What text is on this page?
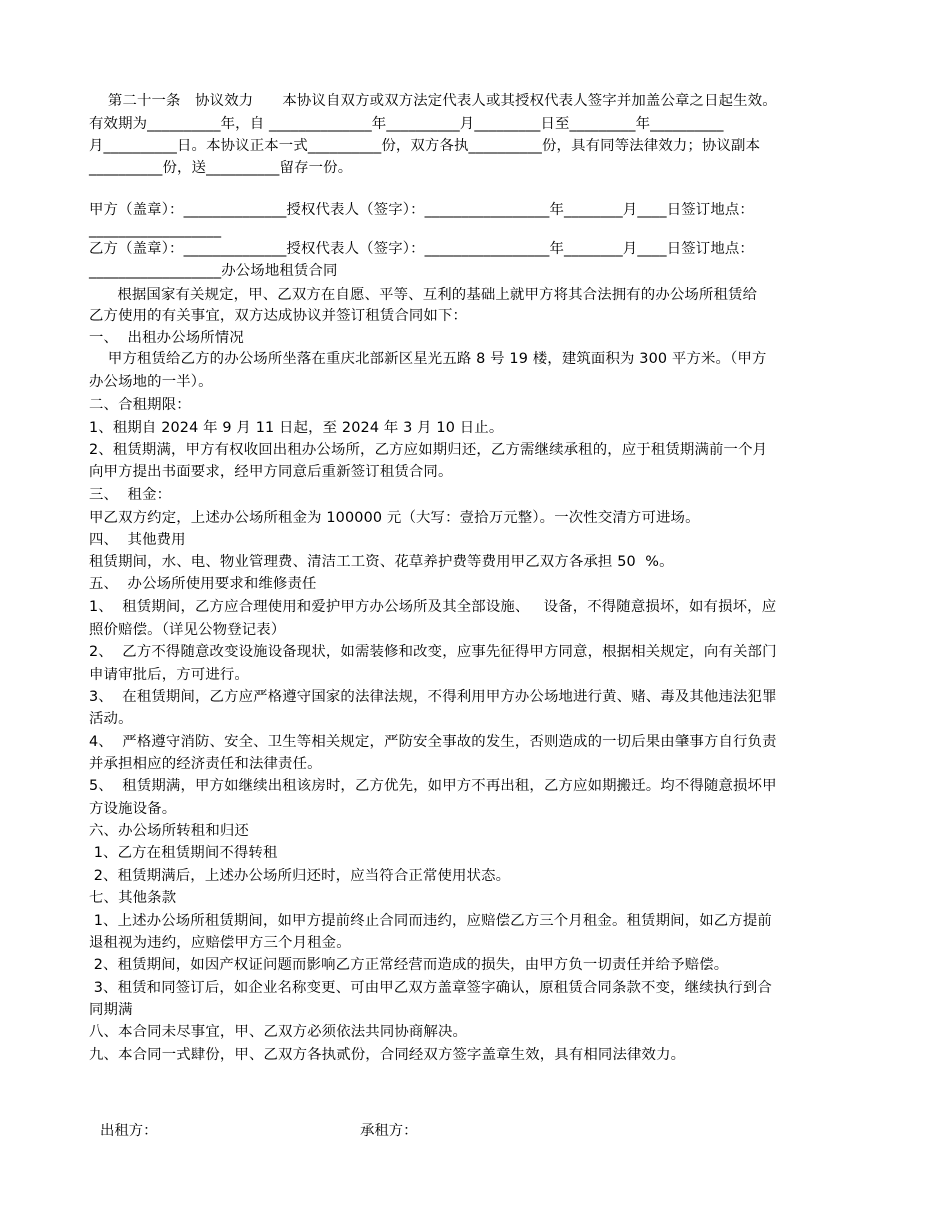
第二十一条　协议效力　　本协议自双方或双方法定代表人或其授权代表人签字并加盖公章之日起生效。
有效期为__________年，自 ______________年__________月_________日至_________年__________
月__________日。本协议正本一式__________份，双方各执__________份，具有同等法律效力；协议副本
__________份，送__________留存一份。
甲方（盖章）：______________授权代表人（签字）：_________________年________月____日签订地点：
__________________
乙方（盖章）：______________授权代表人（签字）：_________________年________月____日签订地点：
__________________办公场地租赁合同
根据国家有关规定，甲、乙双方在自愿、平等、互利的基础上就甲方将其合法拥有的办公场所租赁给
乙方使用的有关事宜，双方达成协议并签订租赁合同如下：
一、  出租办公场所情况
甲方租赁给乙方的办公场所坐落在重庆北部新区星光五路 8 号 19 楼，建筑面积为 300 平方米。（甲方
办公场地的一半）。
二、合租期限：
1、租期自 2024 年 9 月 11 日起，至 2024 年 3 月 10 日止。
2、租赁期满，甲方有权收回出租办公场所，乙方应如期归还，乙方需继续承租的，应于租赁期满前一个月
向甲方提出书面要求，经甲方同意后重新签订租赁合同。
三、  租金：
甲乙双方约定，上述办公场所租金为 100000 元（大写：壹拾万元整）。一次性交清方可进场。
四、  其他费用
租赁期间，水、电、物业管理费、清洁工工资、花草养护费等费用甲乙双方各承担 50  %。
五、  办公场所使用要求和维修责任
1、  租赁期间，乙方应合理使用和爱护甲方办公场所及其全部设施、   设备，不得随意损坏，如有损坏，应
照价赔偿。（详见公物登记表）
2、  乙方不得随意改变设施设备现状，如需装修和改变，应事先征得甲方同意，根据相关规定，向有关部门
申请审批后，方可进行。
3、  在租赁期间，乙方应严格遵守国家的法律法规，不得利用甲方办公场地进行黄、赌、毒及其他违法犯罪
活动。
4、  严格遵守消防、安全、卫生等相关规定，严防安全事故的发生，否则造成的一切后果由肇事方自行负责
并承担相应的经济责任和法律责任。
5、  租赁期满，甲方如继续出租该房时，乙方优先，如甲方不再出租，乙方应如期搬迁。均不得随意损坏甲
方设施设备。
六、办公场所转租和归还
1、乙方在租赁期间不得转租
2、租赁期满后，上述办公场所归还时，应当符合正常使用状态。
七、其他条款
1、上述办公场所租赁期间，如甲方提前终止合同而违约，应赔偿乙方三个月租金。租赁期间，如乙方提前
退租视为违约，应赔偿甲方三个月租金。
2、租赁期间，如因产权证问题而影响乙方正常经营而造成的损失，由甲方负一切责任并给予赔偿。
3、租赁和同签订后，如企业名称变更、可由甲乙双方盖章签字确认，原租赁合同条款不变，继续执行到合
同期满
八、本合同未尽事宜，甲、乙双方必须依法共同协商解决。
九、本合同一式肆份，甲、乙双方各执贰份，合同经双方签字盖章生效，具有相同法律效力。
出租方：	承租方：
